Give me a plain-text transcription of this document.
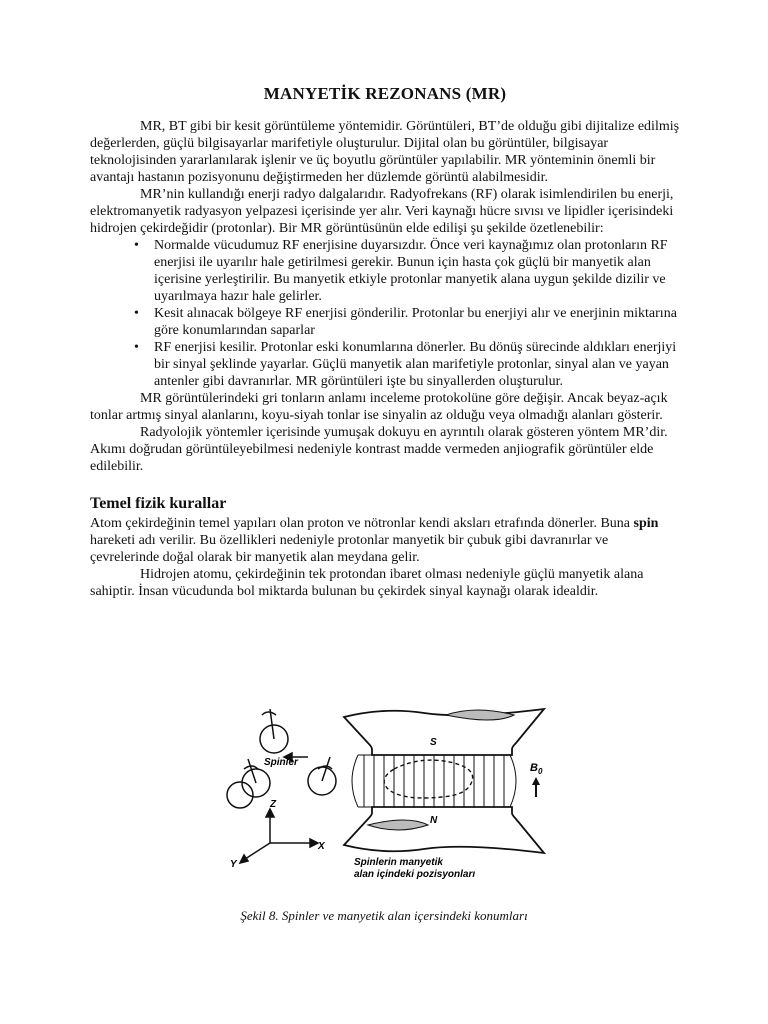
MANYETİK REZONANS (MR)

MR, BT gibi bir kesit görüntüleme yöntemidir. Görüntüleri, BT’de olduğu gibi dijitalize edilmiş değerlerden, güçlü bilgisayarlar marifetiyle oluşturulur. Dijital olan bu görüntüler, bilgisayar teknolojisinden yararlanılarak işlenir ve üç boyutlu görüntüler yapılabilir. MR yönteminin önemli bir avantajı hastanın pozisyonunu değiştirmeden her düzlemde görüntü alabilmesidir.

MR’nin kullandığı enerji radyo dalgalarıdır. Radyofrekans (RF) olarak isimlendirilen bu enerji, elektromanyetik radyasyon yelpazesi içerisinde yer alır. Veri kaynağı hücre sıvısı ve lipidler içerisindeki hidrojen çekirdeğidir (protonlar). Bir MR görüntüsünün elde edilişi şu şekilde özetlenebilir:

• Normalde vücudumuz RF enerjisine duyarsızdır. Önce veri kaynağımız olan protonların RF enerjisi ile uyarılır hale getirilmesi gerekir. Bunun için hasta çok güçlü bir manyetik alan içerisine yerleştirilir. Bu manyetik etkiyle protonlar manyetik alana uygun şekilde dizilir ve uyarılmaya hazır hale gelirler.
• Kesit alınacak bölgeye RF enerjisi gönderilir. Protonlar bu enerjiyi alır ve enerjinin miktarına göre konumlarından saparlar
• RF enerjisi kesilir. Protonlar eski konumlarına dönerler. Bu dönüş sürecinde aldıkları enerjiyi bir sinyal şeklinde yayarlar. Güçlü manyetik alan marifetiyle protonlar, sinyal alan ve yayan antenler gibi davranırlar. MR görüntüleri işte bu sinyallerden oluşturulur.

MR görüntülerindeki gri tonların anlamı inceleme protokolüne göre değişir. Ancak beyaz-açık tonlar artmış sinyal alanlarını, koyu-siyah tonlar ise sinyalin az olduğu veya olmadığı alanları gösterir.

Radyolojik yöntemler içerisinde yumuşak dokuyu en ayrıntılı olarak gösteren yöntem MR’dir. Akımı doğrudan görüntüleyebilmesi nedeniyle kontrast madde vermeden anjiografik görüntüler elde edilebilir.

Temel fizik kurallar

Atom çekirdeğinin temel yapıları olan proton ve nötronlar kendi aksları etrafında dönerler. Buna spin hareketi adı verilir. Bu özellikleri nedeniyle protonlar manyetik bir çubuk gibi davranırlar ve çevrelerinde doğal olarak bir manyetik alan meydana gelir.

Hidrojen atomu, çekirdeğinin tek protondan ibaret olması nedeniyle güçlü manyetik alana sahiptir. İnsan vücudunda bol miktarda bulunan bu çekirdek sinyal kaynağı olarak idealdir.

Spinler
Z
X
Y
S
N
$B_0$
Spinlerin manyetik
alan içindeki pozisyonları
Şekil 8. Spinler ve manyetik alan içersindeki konumları
